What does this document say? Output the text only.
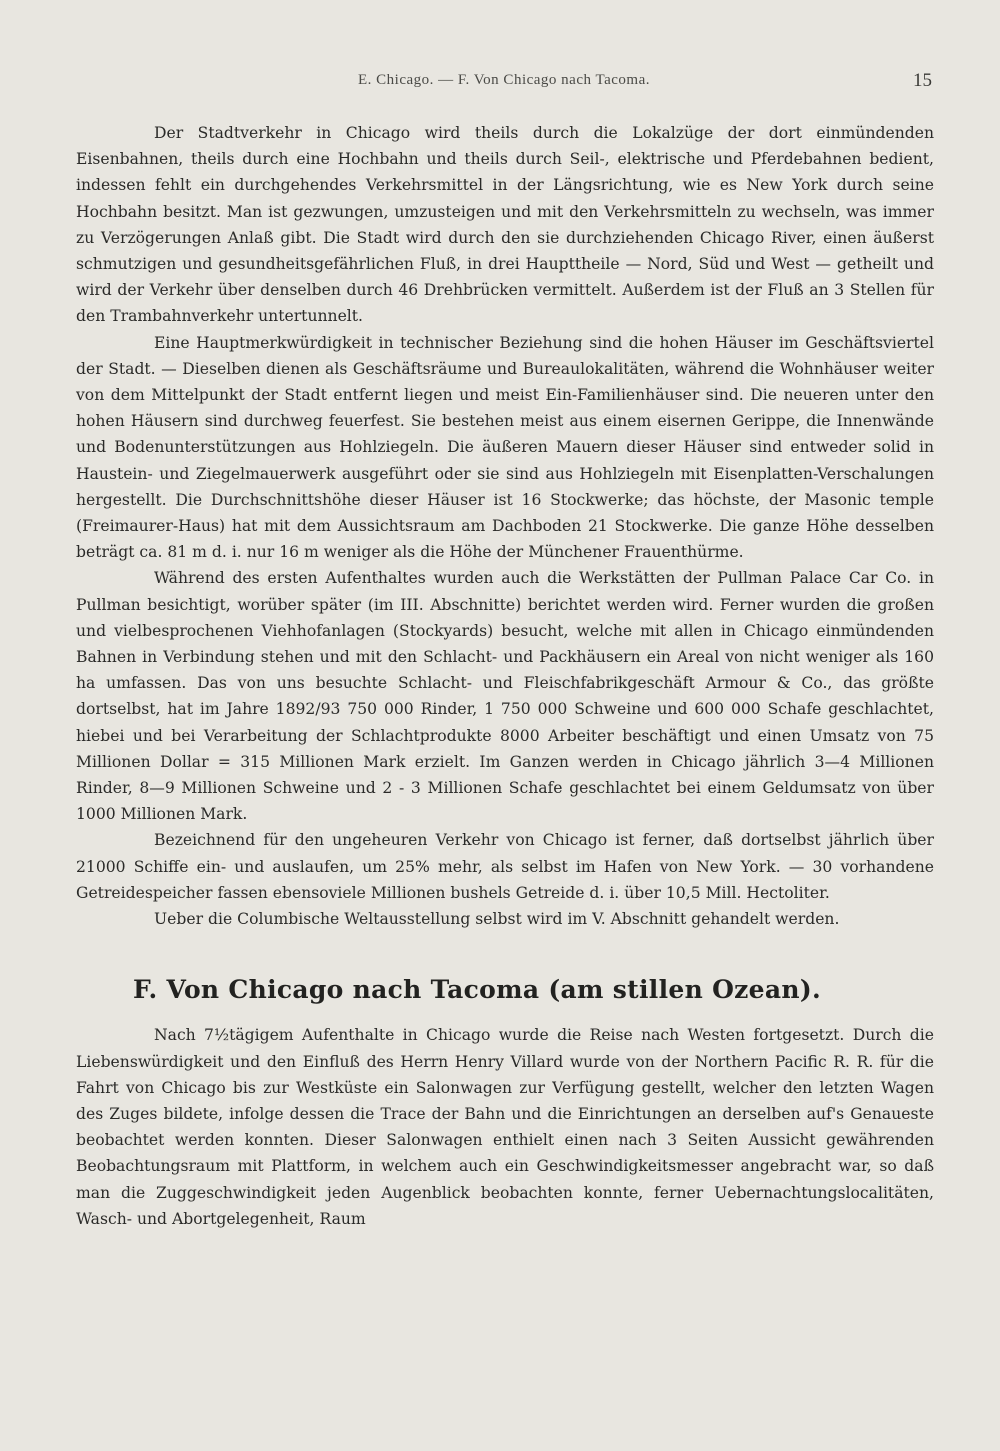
E. Chicago. — F. Von Chicago nach Tacoma.	15

Der Stadtverkehr in Chicago wird theils durch die Lokalzüge der dort einmündenden Eisenbahnen, theils durch eine Hochbahn und theils durch Seil-, elektrische und Pferdebahnen bedient, indessen fehlt ein durchgehendes Verkehrsmittel in der Längsrichtung, wie es New York durch seine Hochbahn besitzt. Man ist gezwungen, umzusteigen und mit den Verkehrsmitteln zu wechseln, was immer zu Verzögerungen Anlaß gibt. Die Stadt wird durch den sie durchziehenden Chicago River, einen äußerst schmutzigen und gesundheitsgefährlichen Fluß, in drei Haupttheile — Nord, Süd und West — getheilt und wird der Verkehr über denselben durch 46 Drehbrücken vermittelt. Außerdem ist der Fluß an 3 Stellen für den Trambahnverkehr untertunnelt.

Eine Hauptmerkwürdigkeit in technischer Beziehung sind die hohen Häuser im Geschäftsviertel der Stadt. — Dieselben dienen als Geschäftsräume und Bureaulokalitäten, während die Wohnhäuser weiter von dem Mittelpunkt der Stadt entfernt liegen und meist Ein-Familienhäuser sind. Die neueren unter den hohen Häusern sind durchweg feuerfest. Sie bestehen meist aus einem eisernen Gerippe, die Innenwände und Bodenunterstützungen aus Hohlziegeln. Die äußeren Mauern dieser Häuser sind entweder solid in Haustein- und Ziegelmauerwerk ausgeführt oder sie sind aus Hohlziegeln mit Eisenplatten-Verschalungen hergestellt. Die Durchschnittshöhe dieser Häuser ist 16 Stockwerke; das höchste, der Masonic temple (Freimaurer-Haus) hat mit dem Aussichtsraum am Dachboden 21 Stockwerke. Die ganze Höhe desselben beträgt ca. 81 m d. i. nur 16 m weniger als die Höhe der Münchener Frauenthürme.

Während des ersten Aufenthaltes wurden auch die Werkstätten der Pullman Palace Car Co. in Pullman besichtigt, worüber später (im III. Abschnitte) berichtet werden wird. Ferner wurden die großen und vielbesprochenen Viehhofanlagen (Stockyards) besucht, welche mit allen in Chicago einmündenden Bahnen in Verbindung stehen und mit den Schlacht- und Packhäusern ein Areal von nicht weniger als 160 ha umfassen. Das von uns besuchte Schlacht- und Fleischfabrikgeschäft Armour & Co., das größte dortselbst, hat im Jahre 1892/93 750 000 Rinder, 1 750 000 Schweine und 600 000 Schafe geschlachtet, hiebei und bei Verarbeitung der Schlachtprodukte 8000 Arbeiter beschäftigt und einen Umsatz von 75 Millionen Dollar = 315 Millionen Mark erzielt. Im Ganzen werden in Chicago jährlich 3—4 Millionen Rinder, 8—9 Millionen Schweine und 2 - 3 Millionen Schafe geschlachtet bei einem Geldumsatz von über 1000 Millionen Mark.

Bezeichnend für den ungeheuren Verkehr von Chicago ist ferner, daß dortselbst jährlich über 21000 Schiffe ein- und auslaufen, um 25% mehr, als selbst im Hafen von New York. — 30 vorhandene Getreidespeicher fassen ebensoviele Millionen bushels Getreide d. i. über 10,5 Mill. Hectoliter.

Ueber die Columbische Weltausstellung selbst wird im V. Abschnitt gehandelt werden.

F. Von Chicago nach Tacoma (am stillen Ozean).

Nach 7½tägigem Aufenthalte in Chicago wurde die Reise nach Westen fortgesetzt. Durch die Liebenswürdigkeit und den Einfluß des Herrn Henry Villard wurde von der Northern Pacific R. R. für die Fahrt von Chicago bis zur Westküste ein Salonwagen zur Verfügung gestellt, welcher den letzten Wagen des Zuges bildete, infolge dessen die Trace der Bahn und die Einrichtungen an derselben auf's Genaueste beobachtet werden konnten. Dieser Salonwagen enthielt einen nach 3 Seiten Aussicht gewährenden Beobachtungsraum mit Plattform, in welchem auch ein Geschwindigkeitsmesser angebracht war, so daß man die Zuggeschwindigkeit jeden Augenblick beobachten konnte, ferner Uebernachtungslocalitäten, Wasch- und Abortgelegenheit, Raum
